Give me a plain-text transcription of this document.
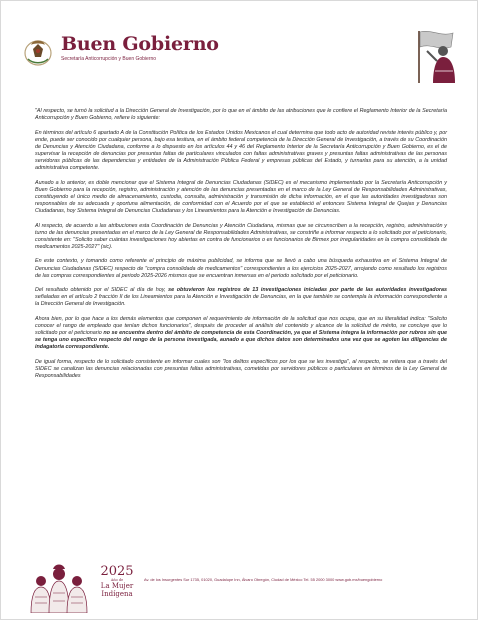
Buen Gobierno
Secretaría Anticorrupción y Buen Gobierno

"Al respecto, se turnó la solicitud a la Dirección General de Investigación, por lo que en el ámbito de las atribuciones que le confiere el Reglamento Interior de la Secretaría Anticorrupción y Buen Gobierno, refiere lo siguiente:

En términos del artículo 6 apartado A de la Constitución Política de los Estados Unidos Mexicanos el cual determina que todo acto de autoridad reviste interés público y, por ende, puede ser conocido por cualquier persona, bajo esa tesitura, en el ámbito federal competencia de la Dirección General de Investigación, a través de su Coordinación de Denuncias y Atención Ciudadana, conforme a lo dispuesto en los artículos 44 y 46 del Reglamento Interior de la Secretaría Anticorrupción y Buen Gobierno, es el de supervisar la recepción de denuncias por presuntas faltas de particulares vinculados con faltas administrativas graves y presuntas faltas administrativas de las personas servidoras públicas de las dependencias y entidades de la Administración Pública Federal y empresas públicas del Estado, y turnarlas para su atención, a la unidad administrativa competente.

Aunado a lo anterior, es doble mencionar que el Sistema Integral de Denuncias Ciudadanas (SIDEC) es el mecanismo implementado por la Secretaría Anticorrupción y Buen Gobierno para la recepción, registro, administración y atención de las denuncias presentadas en el marco de la Ley General de Responsabilidades Administrativas, constituyendo el único medio de almacenamiento, custodia, consulta, administración y transmisión de dicha información, en el que las autoridades investigadoras son responsables de su adecuada y oportuna alimentación, de conformidad con el Acuerdo por el que se estableció el entonces Sistema Integral de Quejas y Denuncias Ciudadanas, hoy Sistema Integral de Denuncias Ciudadanas y los Lineamientos para la Atención e Investigación de Denuncias.

Al respecto, de acuerdo a las atribuciones esta Coordinación de Denuncias y Atención Ciudadana, mismas que se circunscriben a la recepción, registro, administración y turno de las denuncias presentadas en el marco de la Ley General de Responsabilidades Administrativas, se constriñe a informar respecto a lo solicitado por el peticionario, consistente en: "Solicito saber cuántas investigaciones hoy abiertas en contra de funcionarios o ex funcionarios de Birmex por irregularidades en la compra consolidada de medicamentos 2025-2027" (sic).

En este contexto, y tomando como referente el principio de máxima publicidad, se informa que se llevó a cabo una búsqueda exhaustiva en el Sistema Integral de Denuncias Ciudadanas (SIDEC) respecto de "compra consolidada de medicamentos" correspondientes a los ejercicios 2025-2027, arrojando como resultado los registros de las compras correspondientes al periodo 2025-2026 mismos que se encuentran inmersas en el periodo solicitado por el peticionario.

Del resultado obtenido por el SIDEC al día de hoy, se obtuvieron los registros de 13 investigaciones iniciadas por parte de las autoridades investigadoras señaladas en el artículo 2 fracción II de los Lineamientos para la Atención e Investigación de Denuncias, en la que también se contempla la información correspondiente a la Dirección General de Investigación.

Ahora bien, por lo que hace a los demás elementos que componen el requerimiento de información de la solicitud que nos ocupa, que en su literalidad indica: "Solicito conocer el rango de empleado que tenían dichos funcionarios", después de proceder al análisis del contenido y alcance de la solicitud de mérito, se concluye que lo solicitado por el peticionario no se encuentra dentro del ámbito de competencia de esta Coordinación, ya que el Sistema integra la información por rubros sin que se tenga uno específico respecto del rango de la persona investigada, aunado a que dichos datos son determinados una vez que se agoten las diligencias de indagatoria correspondiente.

De igual forma, respecto de lo solicitado consistente en informar cuales son "los delitos específicos por los que se les investiga", al respecto, se reitera que a través del SIDEC se canalizan las denuncias relacionadas con presuntas faltas administrativas, cometidas por servidores públicos o particulares en términos de la Ley General de Responsabilidades

2025
Año de
La Mujer
Indígena
Av. de los Insurgentes Sur 1735, 01020, Guadalupe Inn, Álvaro Obregón, Ciudad de México Tel. 55 2000 3000 www.gob.mx/buengobierno
